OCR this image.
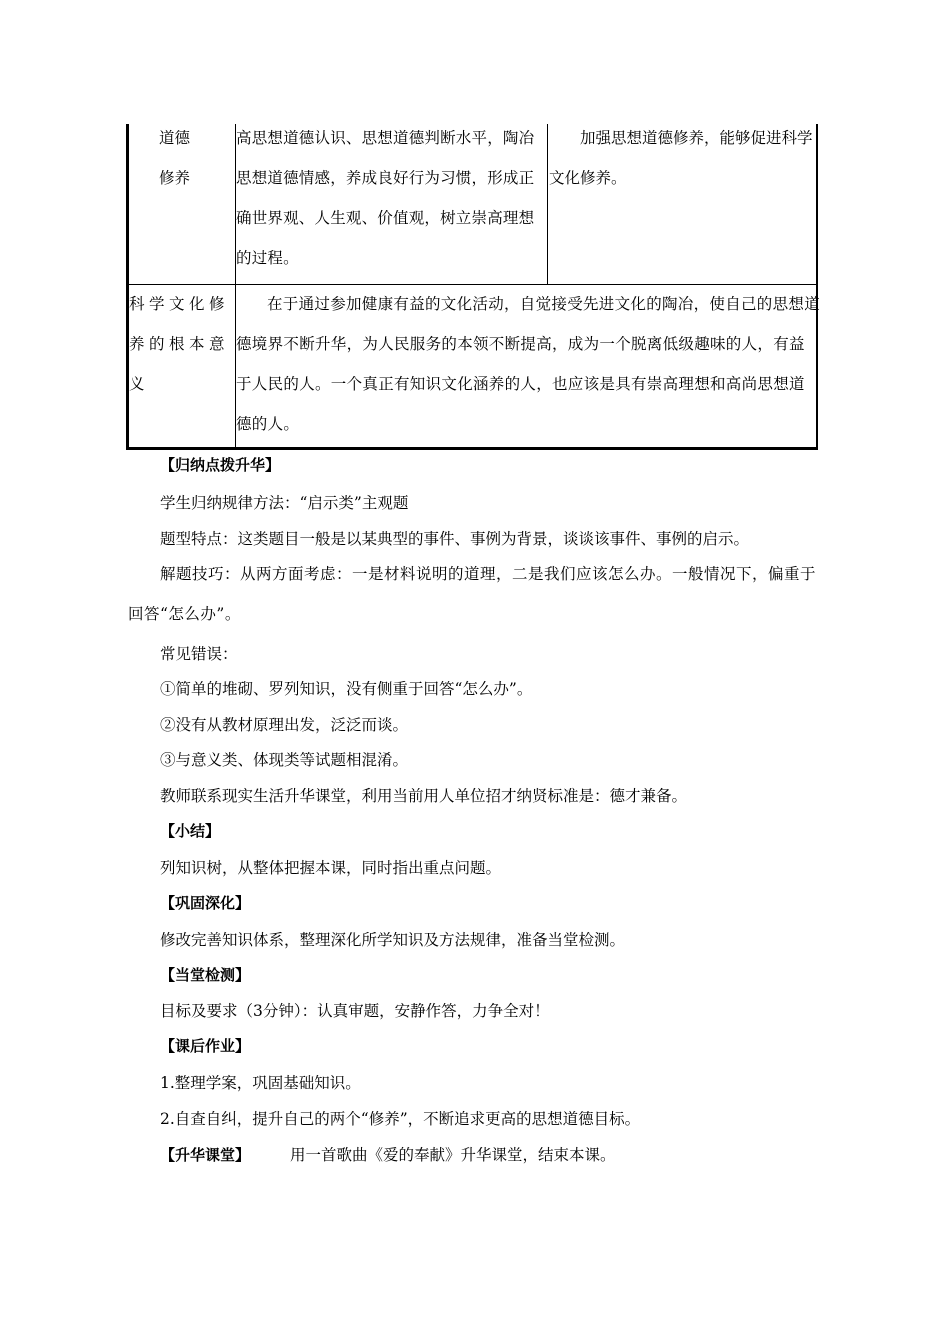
道德
修养
高思想道德认识、思想道德判断水平，陶冶思想道德情感，养成良好行为习惯，形成正确世界观、人生观、价值观，树立崇高理想的过程。
加强思想道德修养，能够促进科学文化修养。
科学文化修养的根本意义
在于通过参加健康有益的文化活动，自觉接受先进文化的陶冶，使自己的思想道德境界不断升华，为人民服务的本领不断提高，成为一个脱离低级趣味的人，有益于人民的人。一个真正有知识文化涵养的人，也应该是具有崇高理想和高尚思想道德的人。
【归纳点拨升华】
学生归纳规律方法：“启示类”主观题
题型特点：这类题目一般是以某典型的事件、事例为背景，谈谈该事件、事例的启示。
解题技巧：从两方面考虑：一是材料说明的道理，二是我们应该怎么办。一般情况下，偏重于回答“怎么办”。
常见错误：
①简单的堆砌、罗列知识，没有侧重于回答“怎么办”。
②没有从教材原理出发，泛泛而谈。
③与意义类、体现类等试题相混淆。
教师联系现实生活升华课堂，利用当前用人单位招才纳贤标准是：德才兼备。
【小结】
列知识树，从整体把握本课，同时指出重点问题。
【巩固深化】
修改完善知识体系，整理深化所学知识及方法规律，准备当堂检测。
【当堂检测】
目标及要求（3分钟）：认真审题，安静作答，力争全对！
【课后作业】
1.整理学案，巩固基础知识。
2.自查自纠，提升自己的两个“修养”，不断追求更高的思想道德目标。
【升华课堂】	用一首歌曲《爱的奉献》升华课堂，结束本课。
